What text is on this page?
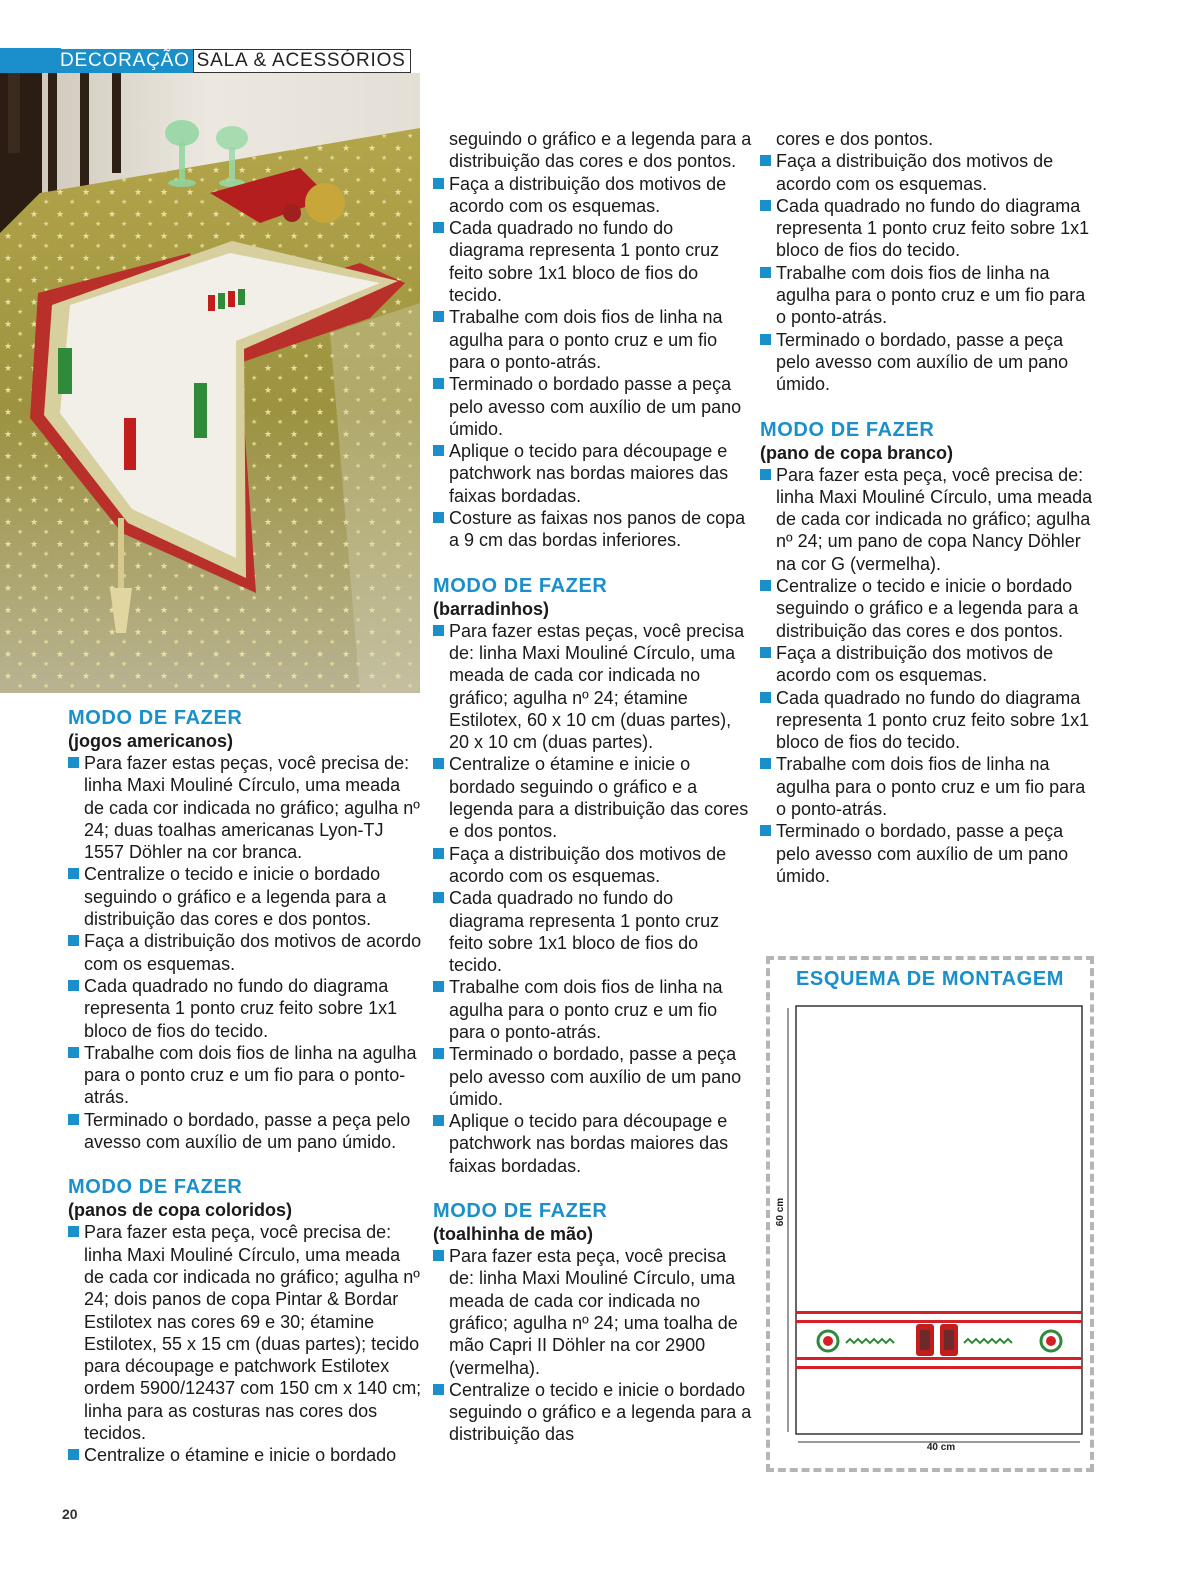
DECORAÇÃO SALA & ACESSÓRIOS
MODO DE FAZER
(jogos americanos)
Para fazer estas peças, você precisa de: linha Maxi Mouliné Círculo, uma meada de cada cor indicada no gráfico; agulha nº 24; duas toalhas americanas Lyon-TJ 1557 Döhler na cor branca.
Centralize o tecido e inicie o bordado seguindo o gráfico e a legenda para a distribuição das cores e dos pontos.
Faça a distribuição dos motivos de acordo com os esquemas.
Cada quadrado no fundo do diagrama representa 1 ponto cruz feito sobre 1x1 bloco de fios do tecido.
Trabalhe com dois fios de linha na agulha para o ponto cruz e um fio para o ponto-atrás.
Terminado o bordado, passe a peça pelo avesso com auxílio de um pano úmido.
MODO DE FAZER
(panos de copa coloridos)
Para fazer esta peça, você precisa de: linha Maxi Mouliné Círculo, uma meada de cada cor indicada no gráfico; agulha nº 24; dois panos de copa Pintar & Bordar Estilotex nas cores 69 e 30; étamine Estilotex, 55 x 15 cm (duas partes); tecido para découpage e patchwork Estilotex ordem 5900/12437 com 150 cm x 140 cm; linha para as costuras nas cores dos tecidos.
Centralize o étamine e inicie o bordado
seguindo o gráfico e a legenda para a distribuição das cores e dos pontos.
Faça a distribuição dos motivos de acordo com os esquemas.
Cada quadrado no fundo do diagrama representa 1 ponto cruz feito sobre 1x1 bloco de fios do tecido.
Trabalhe com dois fios de linha na agulha para o ponto cruz e um fio para o ponto-atrás.
Terminado o bordado passe a peça pelo avesso com auxílio de um pano úmido.
Aplique o tecido para découpage e patchwork nas bordas maiores das faixas bordadas.
Costure as faixas nos panos de copa a 9 cm das bordas inferiores.
MODO DE FAZER
(barradinhos)
Para fazer estas peças, você precisa de: linha Maxi Mouliné Círculo, uma meada de cada cor indicada no gráfico; agulha nº 24; étamine Estilotex, 60 x 10 cm (duas partes), 20 x 10 cm (duas partes).
Centralize o étamine e inicie o bordado seguindo o gráfico e a legenda para a distribuição das cores e dos pontos.
Faça a distribuição dos motivos de acordo com os esquemas.
Cada quadrado no fundo do diagrama representa 1 ponto cruz feito sobre 1x1 bloco de fios do tecido.
Trabalhe com dois fios de linha na agulha para o ponto cruz e um fio para o ponto-atrás.
Terminado o bordado, passe a peça pelo avesso com auxílio de um pano úmido.
Aplique o tecido para découpage e patchwork nas bordas maiores das faixas bordadas.
MODO DE FAZER
(toalhinha de mão)
Para fazer esta peça, você precisa de: linha Maxi Mouliné Círculo, uma meada de cada cor indicada no gráfico; agulha nº 24; uma toalha de mão Capri II Döhler na cor 2900 (vermelha).
Centralize o tecido e inicie o bordado seguindo o gráfico e a legenda para a distribuição das
cores e dos pontos.
Faça a distribuição dos motivos de acordo com os esquemas.
Cada quadrado no fundo do diagrama representa 1 ponto cruz feito sobre 1x1 bloco de fios do tecido.
Trabalhe com dois fios de linha na agulha para o ponto cruz e um fio para o ponto-atrás.
Terminado o bordado, passe a peça pelo avesso com auxílio de um pano úmido.
MODO DE FAZER
(pano de copa branco)
Para fazer esta peça, você precisa de: linha Maxi Mouliné Círculo, uma meada de cada cor indicada no gráfico; agulha nº 24; um pano de copa Nancy Döhler na cor G (vermelha).
Centralize o tecido e inicie o bordado seguindo o gráfico e a legenda para a distribuição das cores e dos pontos.
Faça a distribuição dos motivos de acordo com os esquemas.
Cada quadrado no fundo do diagrama representa 1 ponto cruz feito sobre 1x1 bloco de fios do tecido.
Trabalhe com dois fios de linha na agulha para o ponto cruz e um fio para o ponto-atrás.
Terminado o bordado, passe a peça pelo avesso com auxílio de um pano úmido.
ESQUEMA DE MONTAGEM
60 cm
40 cm
20
